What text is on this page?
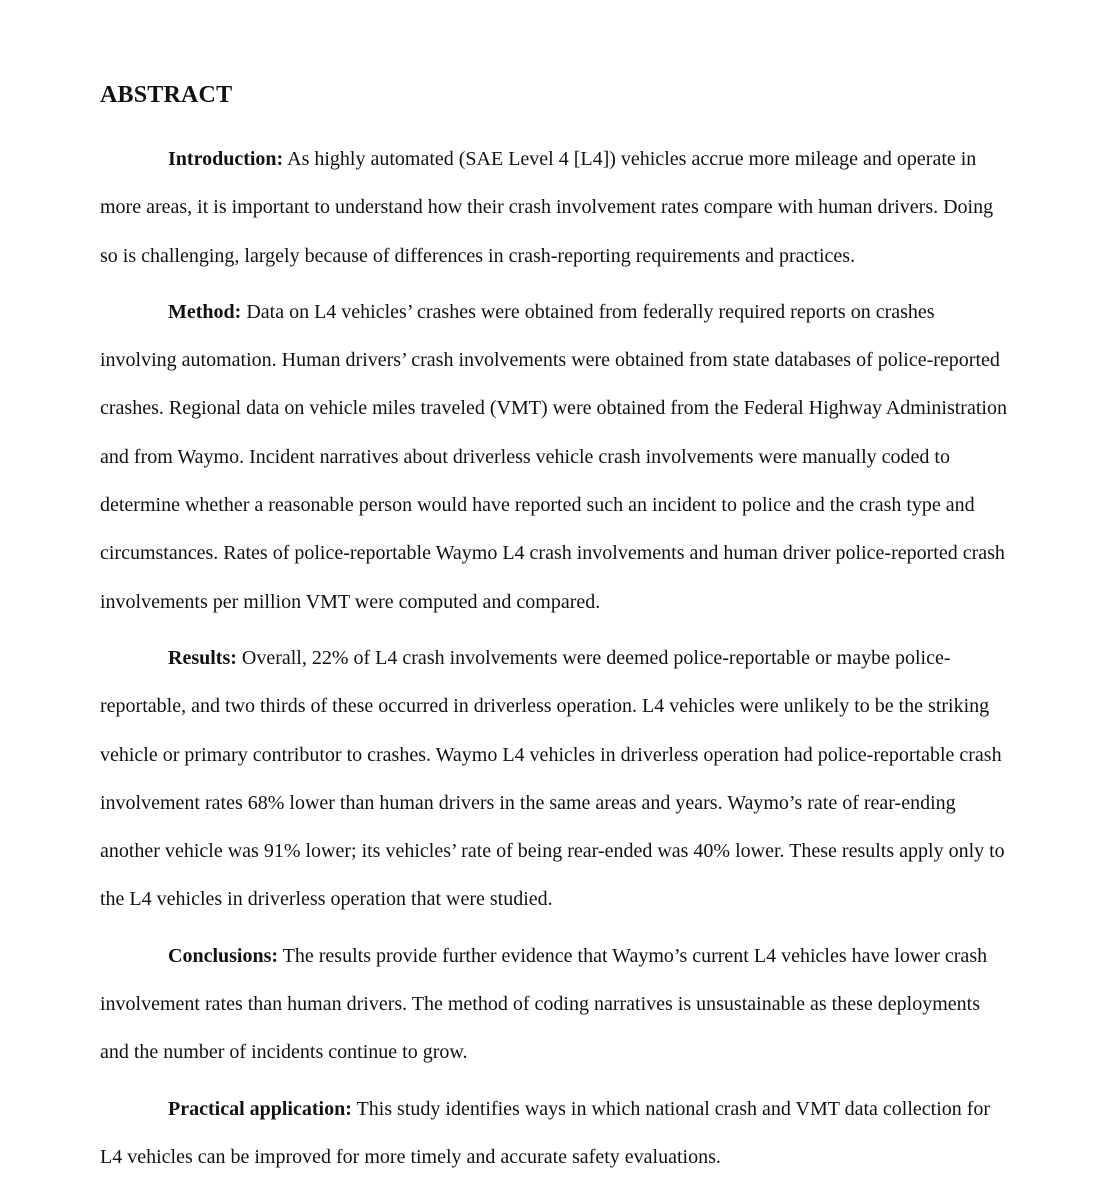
ABSTRACT

Introduction: As highly automated (SAE Level 4 [L4]) vehicles accrue more mileage and operate in more areas, it is important to understand how their crash involvement rates compare with human drivers. Doing so is challenging, largely because of differences in crash-reporting requirements and practices.

Method: Data on L4 vehicles’ crashes were obtained from federally required reports on crashes involving automation. Human drivers’ crash involvements were obtained from state databases of police-reported crashes. Regional data on vehicle miles traveled (VMT) were obtained from the Federal Highway Administration and from Waymo. Incident narratives about driverless vehicle crash involvements were manually coded to determine whether a reasonable person would have reported such an incident to police and the crash type and circumstances. Rates of police-reportable Waymo L4 crash involvements and human driver police-reported crash involvements per million VMT were computed and compared.

Results: Overall, 22% of L4 crash involvements were deemed police-reportable or maybe police-reportable, and two thirds of these occurred in driverless operation. L4 vehicles were unlikely to be the striking vehicle or primary contributor to crashes. Waymo L4 vehicles in driverless operation had police-reportable crash involvement rates 68% lower than human drivers in the same areas and years. Waymo’s rate of rear-ending another vehicle was 91% lower; its vehicles’ rate of being rear-ended was 40% lower. These results apply only to the L4 vehicles in driverless operation that were studied.

Conclusions: The results provide further evidence that Waymo’s current L4 vehicles have lower crash involvement rates than human drivers. The method of coding narratives is unsustainable as these deployments and the number of incidents continue to grow.

Practical application: This study identifies ways in which national crash and VMT data collection for L4 vehicles can be improved for more timely and accurate safety evaluations.
